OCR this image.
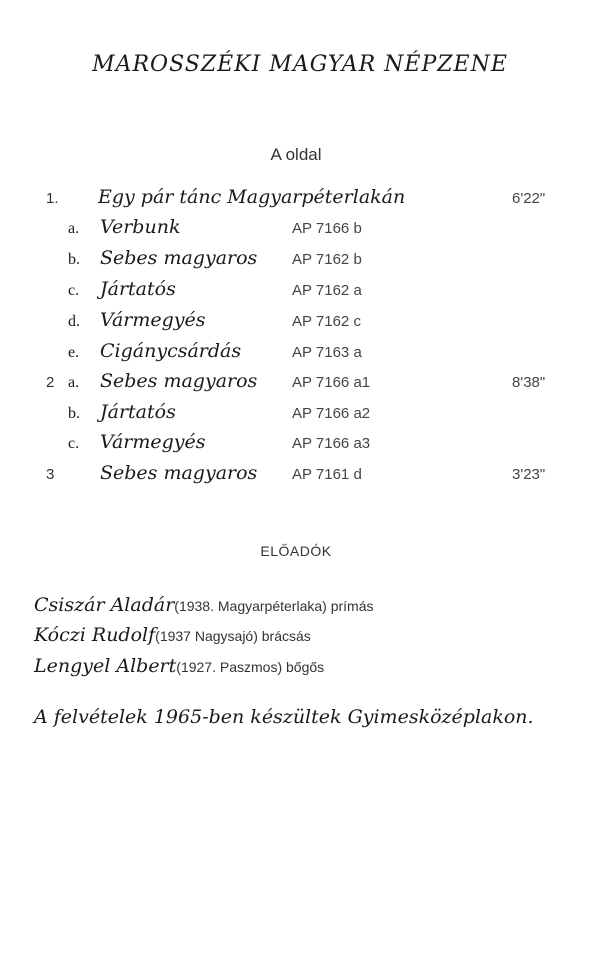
MAROSSZÉKI MAGYAR NÉPZENE
A oldal
1. Egy pár tánc Magyarpéterlakán	6'22"
a. Verbunk	AP 7166 b
b. Sebes magyaros AP 7162 b
c. Jártatós	AP 7162 a
d. Vármegyés	AP 7162 c
e. Cigánycsárdás	AP 7163 a
2 a. Sebes magyaros AP 7166 a1	8'38"
b. Jártatós	AP 7166 a2
c. Vármegyés	AP 7166 a3
3 Sebes magyaros AP 7161 d	3'23"
ELŐADÓK
Csiszár Aladár(1938. Magyarpéterlaka) prímás
Kóczi Rudolf(1937 Nagysajó) brácsás
Lengyel Albert(1927. Paszmos) bőgős
A felvételek 1965-ben készültek Gyimesközéplakon.
